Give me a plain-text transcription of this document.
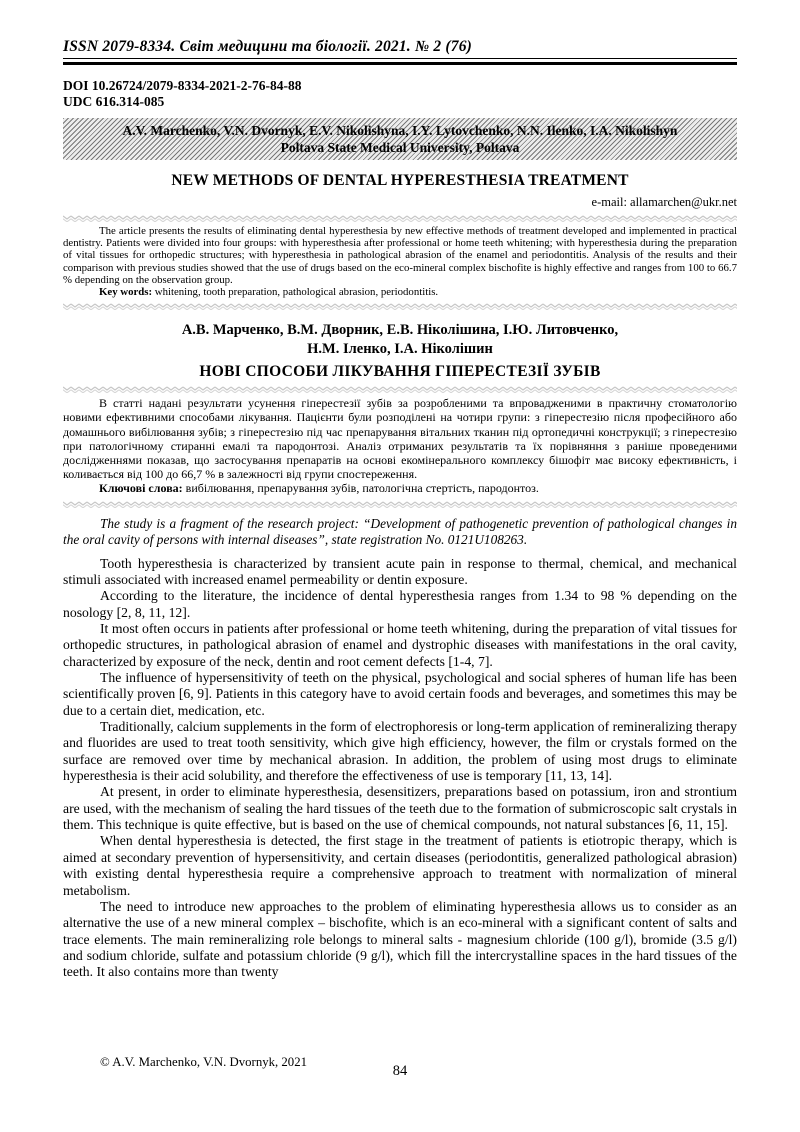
ISSN 2079-8334. Світ медицини та біології. 2021. № 2 (76)
DOI 10.26724/2079-8334-2021-2-76-84-88
UDC 616.314-085
A.V. Marchenko, V.N. Dvornyk, E.V. Nikolishyna, I.Y. Lytovchenko, N.N. Ilenko, I.A. Nikolishyn
Poltava State Medical University, Poltava
NEW METHODS OF DENTAL HYPERESTHESIA TREATMENT
e-mail: allamarchen@ukr.net

The article presents the results of eliminating dental hyperesthesia by new effective methods of treatment developed and implemented in practical dentistry. Patients were divided into four groups: with hyperesthesia after professional or home teeth whitening; with hyperesthesia during the preparation of vital tissues for orthopedic structures; with hyperesthesia in pathological abrasion of the enamel and periodontitis. Analysis of the results and their comparison with previous studies showed that the use of drugs based on the eco-mineral complex bischofite is highly effective and ranges from 100 to 66.7 % depending on the observation group.

Key words: whitening, tooth preparation, pathological abrasion, periodontitis.

А.В. Марченко, В.М. Дворник, Е.В. Ніколішина, І.Ю. Литовченко,
Н.М. Іленко, І.А. Ніколішин
НОВІ СПОСОБИ ЛІКУВАННЯ ГІПЕРЕСТЕЗІЇ ЗУБІВ

В статті надані результати усунення гіперестезії зубів за розробленими та впровадженими в практичну стоматологію новими ефективними способами лікування. Пацієнти були розподілені на чотири групи: з гіперестезію після професійного або домашнього вибілювання зубів; з гіперестезію під час препарування вітальних тканин під ортопедичні конструкції; з гіперестезію при патологічному стиранні емалі та пародонтозі. Аналіз отриманих результатів та їх порівняння з раніше проведеними дослідженнями показав, що застосування препаратів на основі екомінерального комплексу бішофіт має високу ефективність, і коливається від 100 до 66,7 % в залежності від групи спостереження.

Ключові слова: вибілювання, препарування зубів, патологічна стертість, пародонтоз.

The study is a fragment of the research project: “Development of pathogenetic prevention of pathological changes in the oral cavity of persons with internal diseases”, state registration No. 0121U108263.

Tooth hyperesthesia is characterized by transient acute pain in response to thermal, chemical, and mechanical stimuli associated with increased enamel permeability or dentin exposure.

According to the literature, the incidence of dental hyperesthesia ranges from 1.34 to 98 % depending on the nosology [2, 8, 11, 12].

It most often occurs in patients after professional or home teeth whitening, during the preparation of vital tissues for orthopedic structures, in pathological abrasion of enamel and dystrophic diseases with manifestations in the oral cavity, characterized by exposure of the neck, dentin and root cement defects [1-4, 7].

The influence of hypersensitivity of teeth on the physical, psychological and social spheres of human life has been scientifically proven [6, 9]. Patients in this category have to avoid certain foods and beverages, and sometimes this may be due to a certain diet, medication, etc.

Traditionally, calcium supplements in the form of electrophoresis or long-term application of remineralizing therapy and fluorides are used to treat tooth sensitivity, which give high efficiency, however, the film or crystals formed on the surface are removed over time by mechanical abrasion. In addition, the problem of using most drugs to eliminate hyperesthesia is their acid solubility, and therefore the effectiveness of use is temporary [11, 13, 14].

At present, in order to eliminate hyperesthesia, desensitizers, preparations based on potassium, iron and strontium are used, with the mechanism of sealing the hard tissues of the teeth due to the formation of submicroscopic salt crystals in them. This technique is quite effective, but is based on the use of chemical compounds, not natural substances [6, 11, 15].

When dental hyperesthesia is detected, the first stage in the treatment of patients is etiotropic therapy, which is aimed at secondary prevention of hypersensitivity, and certain diseases (periodontitis, generalized pathological abrasion) with existing dental hyperesthesia require a comprehensive approach to treatment with normalization of mineral metabolism.

The need to introduce new approaches to the problem of eliminating hyperesthesia allows us to consider as an alternative the use of a new mineral complex – bischofite, which is an eco-mineral with a significant content of salts and trace elements. The main remineralizing role belongs to mineral salts - magnesium chloride (100 g/l), bromide (3.5 g/l) and sodium chloride, sulfate and potassium chloride (9 g/l), which fill the intercrystalline spaces in the hard tissues of the teeth. It also contains more than twenty

© A.V. Marchenko, V.N. Dvornyk, 2021
84
